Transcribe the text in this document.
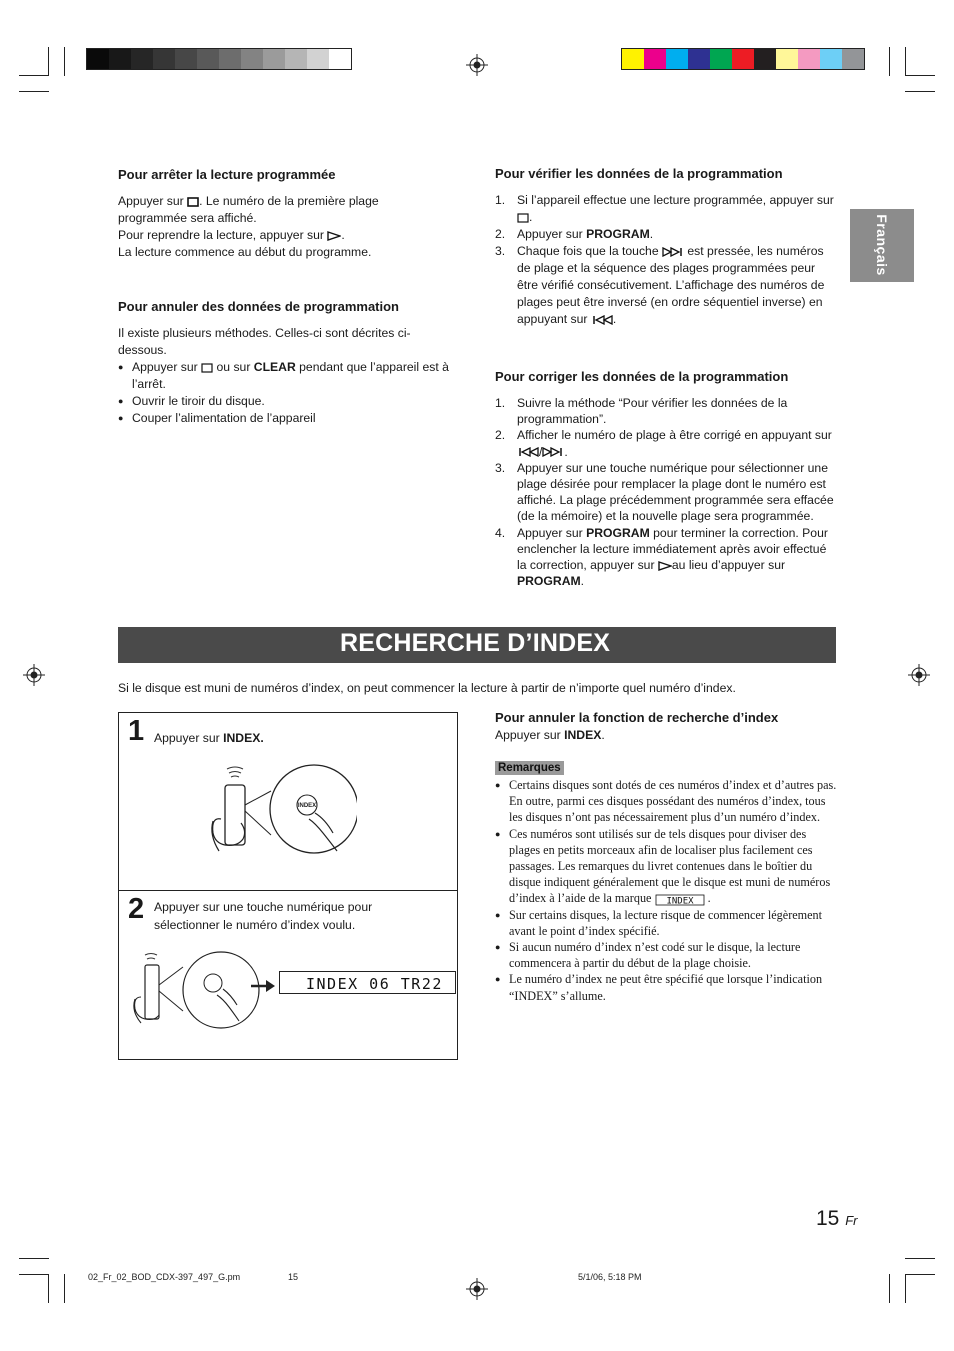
Français
Pour arrêter la lecture programmée

Appuyer sur . Le numéro de la première plage programmée sera affiché.

Pour reprendre la lecture, appuyer sur .

La lecture commence au début du programme.

Pour annuler des données de programmation

Il existe plusieurs méthodes. Celles-ci sont décrites ci-dessous.

● Appuyer sur ou sur CLEAR pendant que l’appareil est à l’arrêt.
● Ouvrir le tiroir du disque.
● Couper l’alimentation de l’appareil
Pour vérifier les données de la programmation
1. Si l’appareil effectue une lecture programmée, appuyer sur .
2. Appuyer sur PROGRAM.
3. Chaque fois que la touche est pressée, les numéros de plage et la séquence des plages programmées peur être vérifié consécutivement. L’affichage des numéros de plages peut être inversé (en ordre séquentiel inverse) en appuyant sur .
Pour corriger les données de la programmation
1. Suivre la méthode “Pour vérifier les données de la programmation”.
2. Afficher le numéro de plage à être corrigé en appuyant sur / .
3. Appuyer sur une touche numérique pour sélectionner une plage désirée pour remplacer la plage dont le numéro est affiché. La plage précédemment programmée sera effacée (de la mémoire) et la nouvelle plage sera programmée.
4. Appuyer sur PROGRAM pour terminer la correction. Pour enclencher la lecture immédiatement après avoir effectué la correction, appuyer sur au lieu d’appuyer sur PROGRAM.
RECHERCHE D’INDEX
Si le disque est muni de numéros d’index, on peut commencer la lecture à partir de n’importe quel numéro d’index.
1 Appuyer sur INDEX.
INDEX
2 Appuyer sur une touche numérique pour sélectionner le numéro d’index voulu.
INDEX 06 TR22
Pour annuler la fonction de recherche d’index
Appuyer sur INDEX.
Remarques
● Certains disques sont dotés de ces numéros d’index et d’autres pas. En outre, parmi ces disques possédant des numéros d’index, tous les disques n’ont pas nécessairement plus d’un numéro d’index.
● Ces numéros sont utilisés sur de tels disques pour diviser des plages en petits morceaux afin de localiser plus facilement ces passages. Les remarques du livret contenues dans le boîtier du disque indiquent généralement que le disque est muni de numéros d’index à l’aide de la marque INDEX .
● Sur certains disques, la lecture risque de commencer légèrement avant le point d’index spécifié.
● Si aucun numéro d’index n’est codé sur le disque, la lecture commencera à partir du début de la plage choisie.
● Le numéro d’index ne peut être spécifié que lorsque l’indication “INDEX” s’allume.
15 Fr
02_Fr_02_BOD_CDX-397_497_G.pm	15	5/1/06, 5:18 PM
